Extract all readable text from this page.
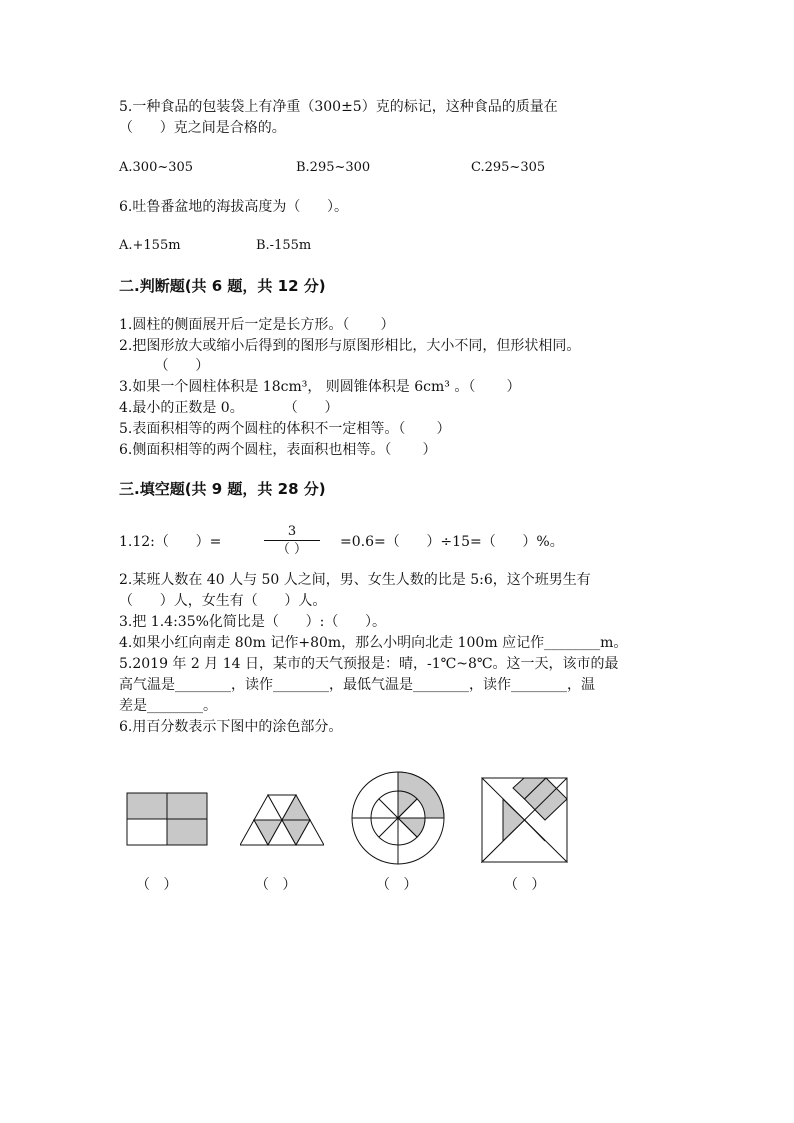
5.一种食品的包装袋上有净重（300±5）克的标记，这种食品的质量在
（      ）克之间是合格的。
A.300~305	B.295~300	C.295~305
6.吐鲁番盆地的海拔高度为（      ）。
A.+155m	B.-155m
二.判断题(共 6 题，共 12 分)
1.圆柱的侧面展开后一定是长方形。（       ）
2.把图形放大或缩小后得到的图形与原图形相比，大小不同，但形状相同。
（      ）
3.如果一个圆柱体积是 18cm³， 则圆锥体积是 6cm³ 。（       ）
4.最小的正数是 0。         （      ）
5.表面积相等的两个圆柱的体积不一定相等。（       ）
6.侧面积相等的两个圆柱，表面积也相等。（       ）
三.填空题(共 9 题，共 28 分)
1.12:（      ）=
3
（ ）	=0.6=（      ）÷15=（      ）%。
2.某班人数在 40 人与 50 人之间，男、女生人数的比是 5:6，这个班男生有
（      ）人，女生有（      ）人。
3.把 1.4:35%化简比是（      ）:（      ）。
4.如果小红向南走 80m 记作+80m，那么小明向北走 100m 应记作________m。
5.2019 年 2 月 14 日，某市的天气预报是：晴，-1℃~8℃。这一天，该市的最
高气温是________，读作________，最低气温是________，读作________，温
差是________。
6.用百分数表示下图中的涂色部分。
（   ）	（   ）	（   ）	（   ）
